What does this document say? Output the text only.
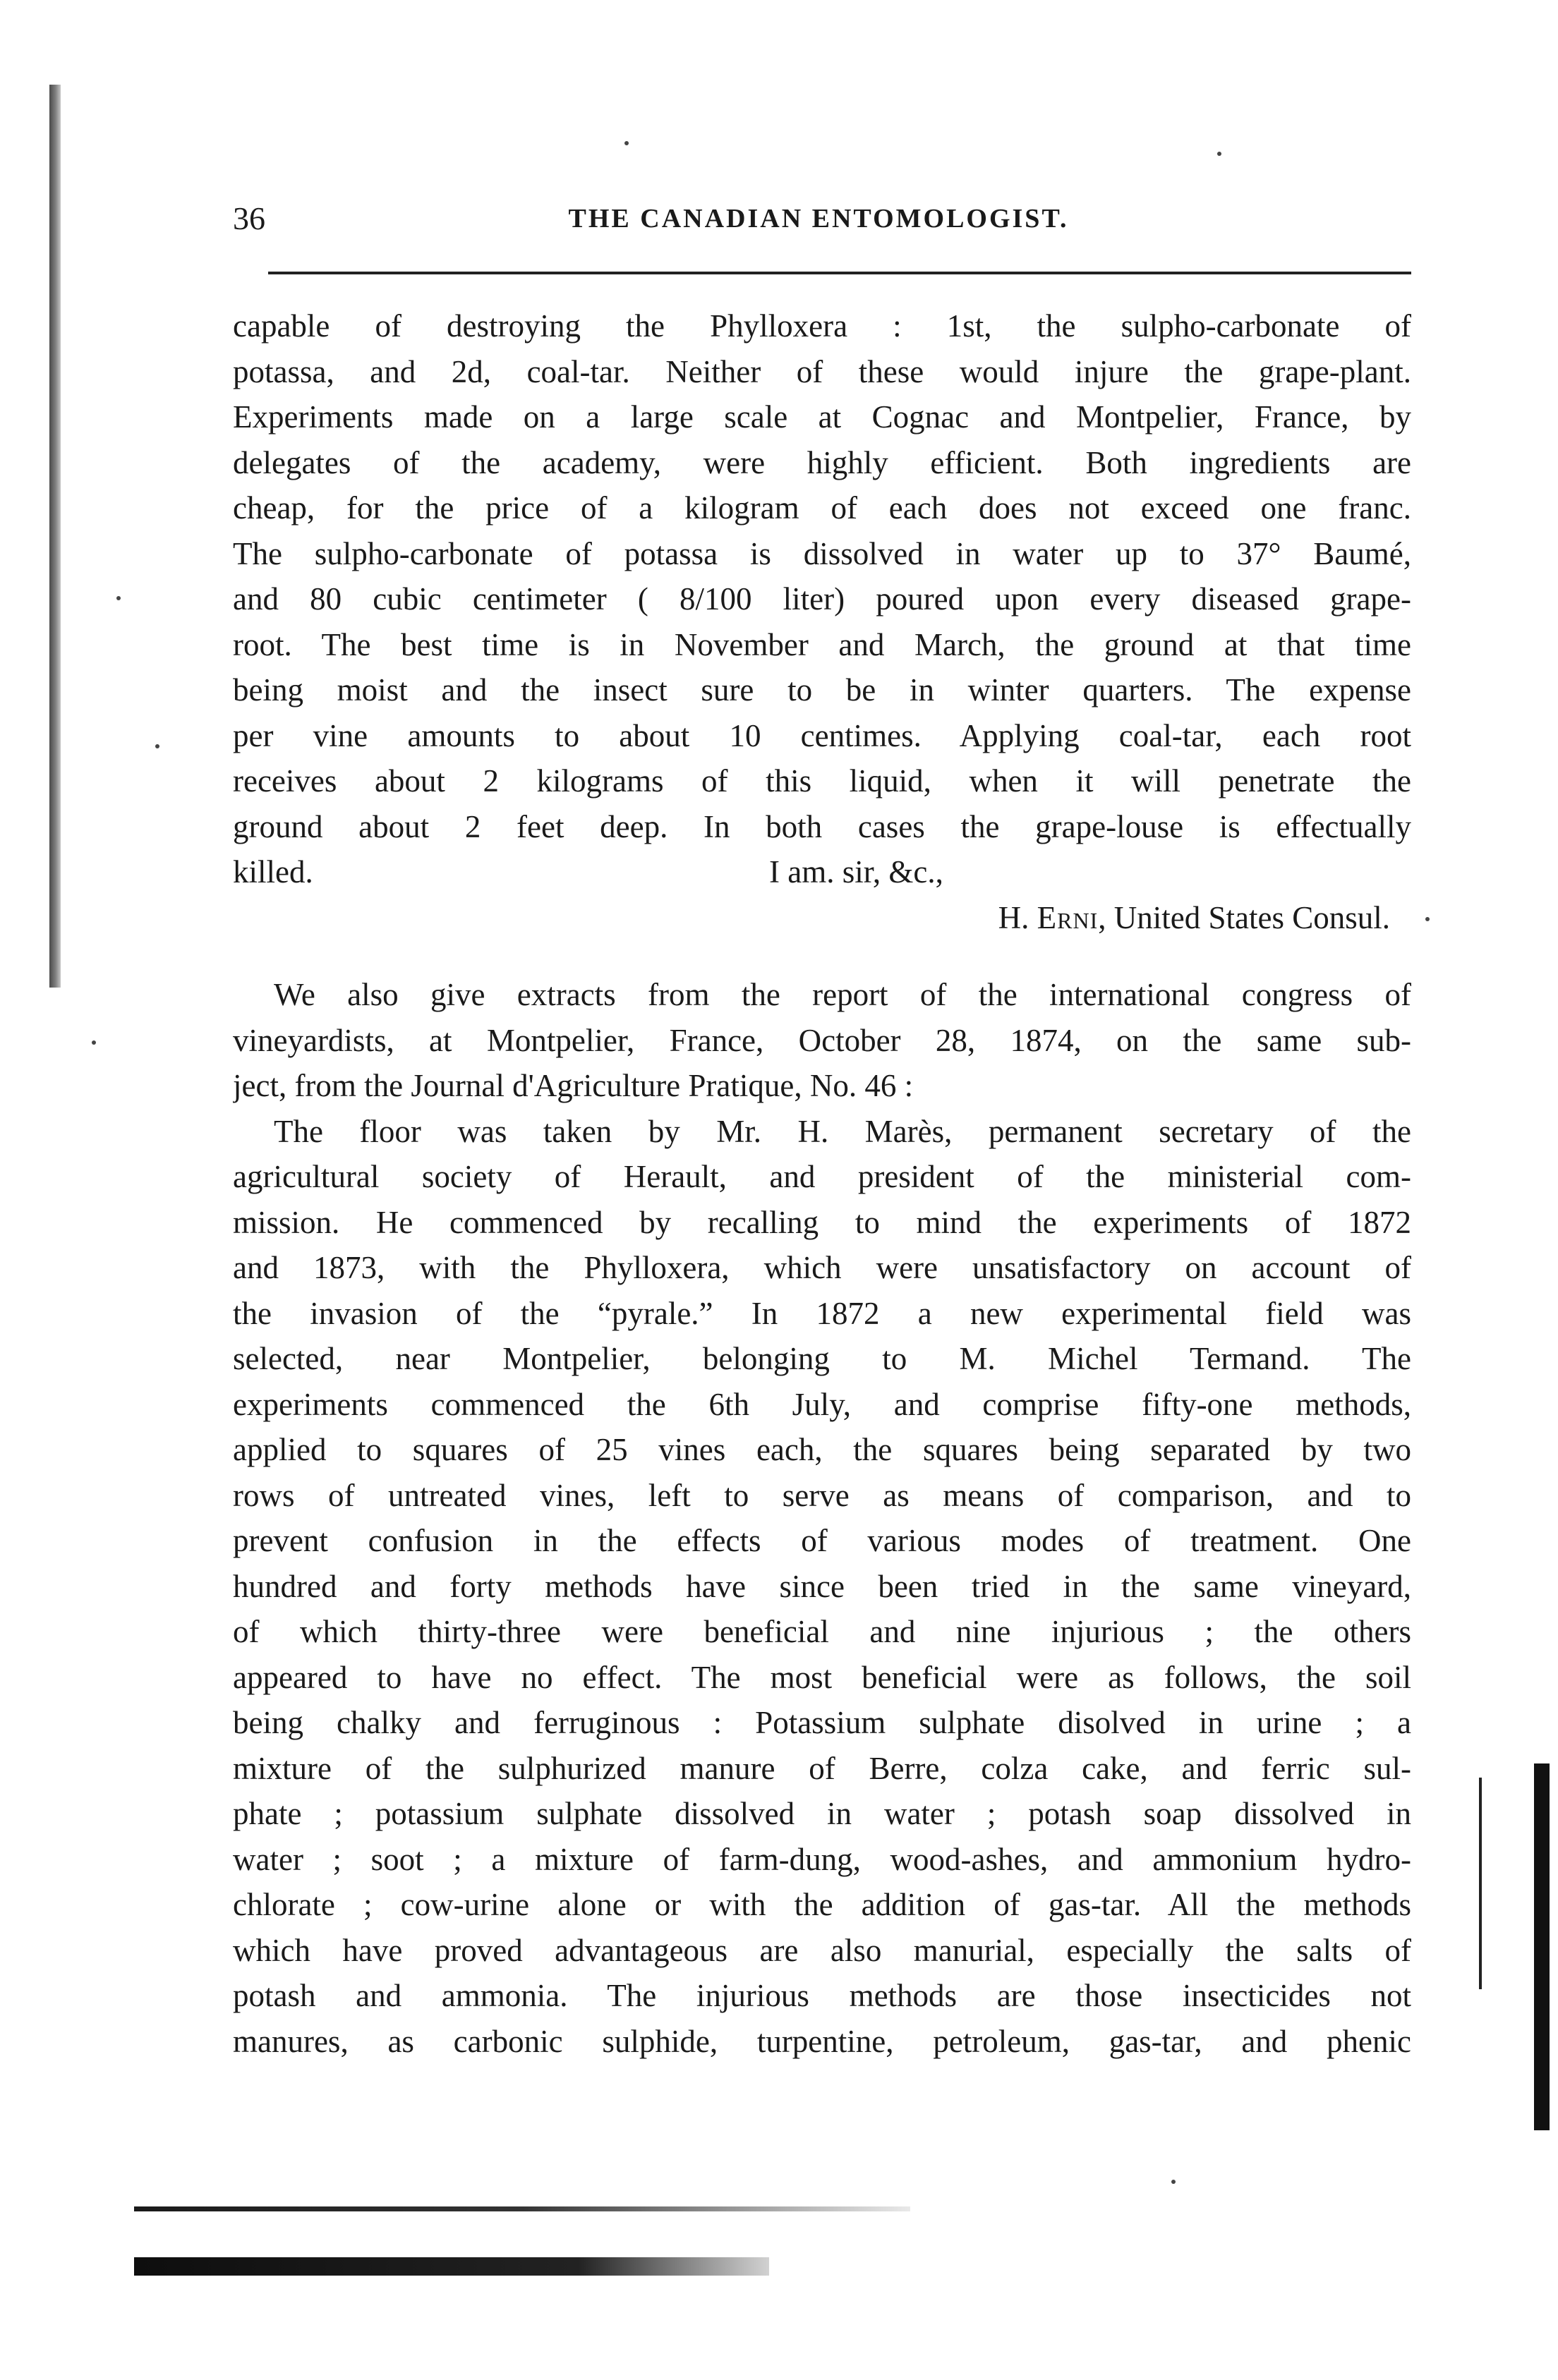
36	THE CANADIAN ENTOMOLOGIST.
capable of destroying the Phylloxera : 1st, the sulpho-carbonate of
potassa, and 2d, coal-tar. Neither of these would injure the grape-plant.
Experiments made on a large scale at Cognac and Montpelier, France, by
delegates of the academy, were highly efficient. Both ingredients are
cheap, for the price of a kilogram of each does not exceed one franc.
The sulpho-carbonate of potassa is dissolved in water up to 37° Baumé,
and 80 cubic centimeter ( 8/100 liter) poured upon every diseased grape-
root. The best time is in November and March, the ground at that time
being moist and the insect sure to be in winter quarters. The expense
per vine amounts to about 10 centimes. Applying coal-tar, each root
receives about 2 kilograms of this liquid, when it will penetrate the
ground about 2 feet deep. In both cases the grape-louse is effectually
killed.	I am. sir, &c.,
H. Erni, United States Consul.
We also give extracts from the report of the international congress of
vineyardists, at Montpelier, France, October 28, 1874, on the same sub-
ject, from the Journal d'Agriculture Pratique, No. 46 :
The floor was taken by Mr. H. Marès, permanent secretary of the
agricultural society of Herault, and president of the ministerial com-
mission. He commenced by recalling to mind the experiments of 1872
and 1873, with the Phylloxera, which were unsatisfactory on account of
the invasion of the “pyrale.” In 1872 a new experimental field was
selected, near Montpelier, belonging to M. Michel Termand. The
experiments commenced the 6th July, and comprise fifty-one methods,
applied to squares of 25 vines each, the squares being separated by two
rows of untreated vines, left to serve as means of comparison, and to
prevent confusion in the effects of various modes of treatment. One
hundred and forty methods have since been tried in the same vineyard,
of which thirty-three were beneficial and nine injurious ; the others
appeared to have no effect. The most beneficial were as follows, the soil
being chalky and ferruginous : Potassium sulphate disolved in urine ; a
mixture of the sulphurized manure of Berre, colza cake, and ferric sul-
phate ; potassium sulphate dissolved in water ; potash soap dissolved in
water ; soot ; a mixture of farm-dung, wood-ashes, and ammonium hydro-
chlorate ; cow-urine alone or with the addition of gas-tar. All the methods
which have proved advantageous are also manurial, especially the salts of
potash and ammonia. The injurious methods are those insecticides not
manures, as carbonic sulphide, turpentine, petroleum, gas-tar, and phenic
